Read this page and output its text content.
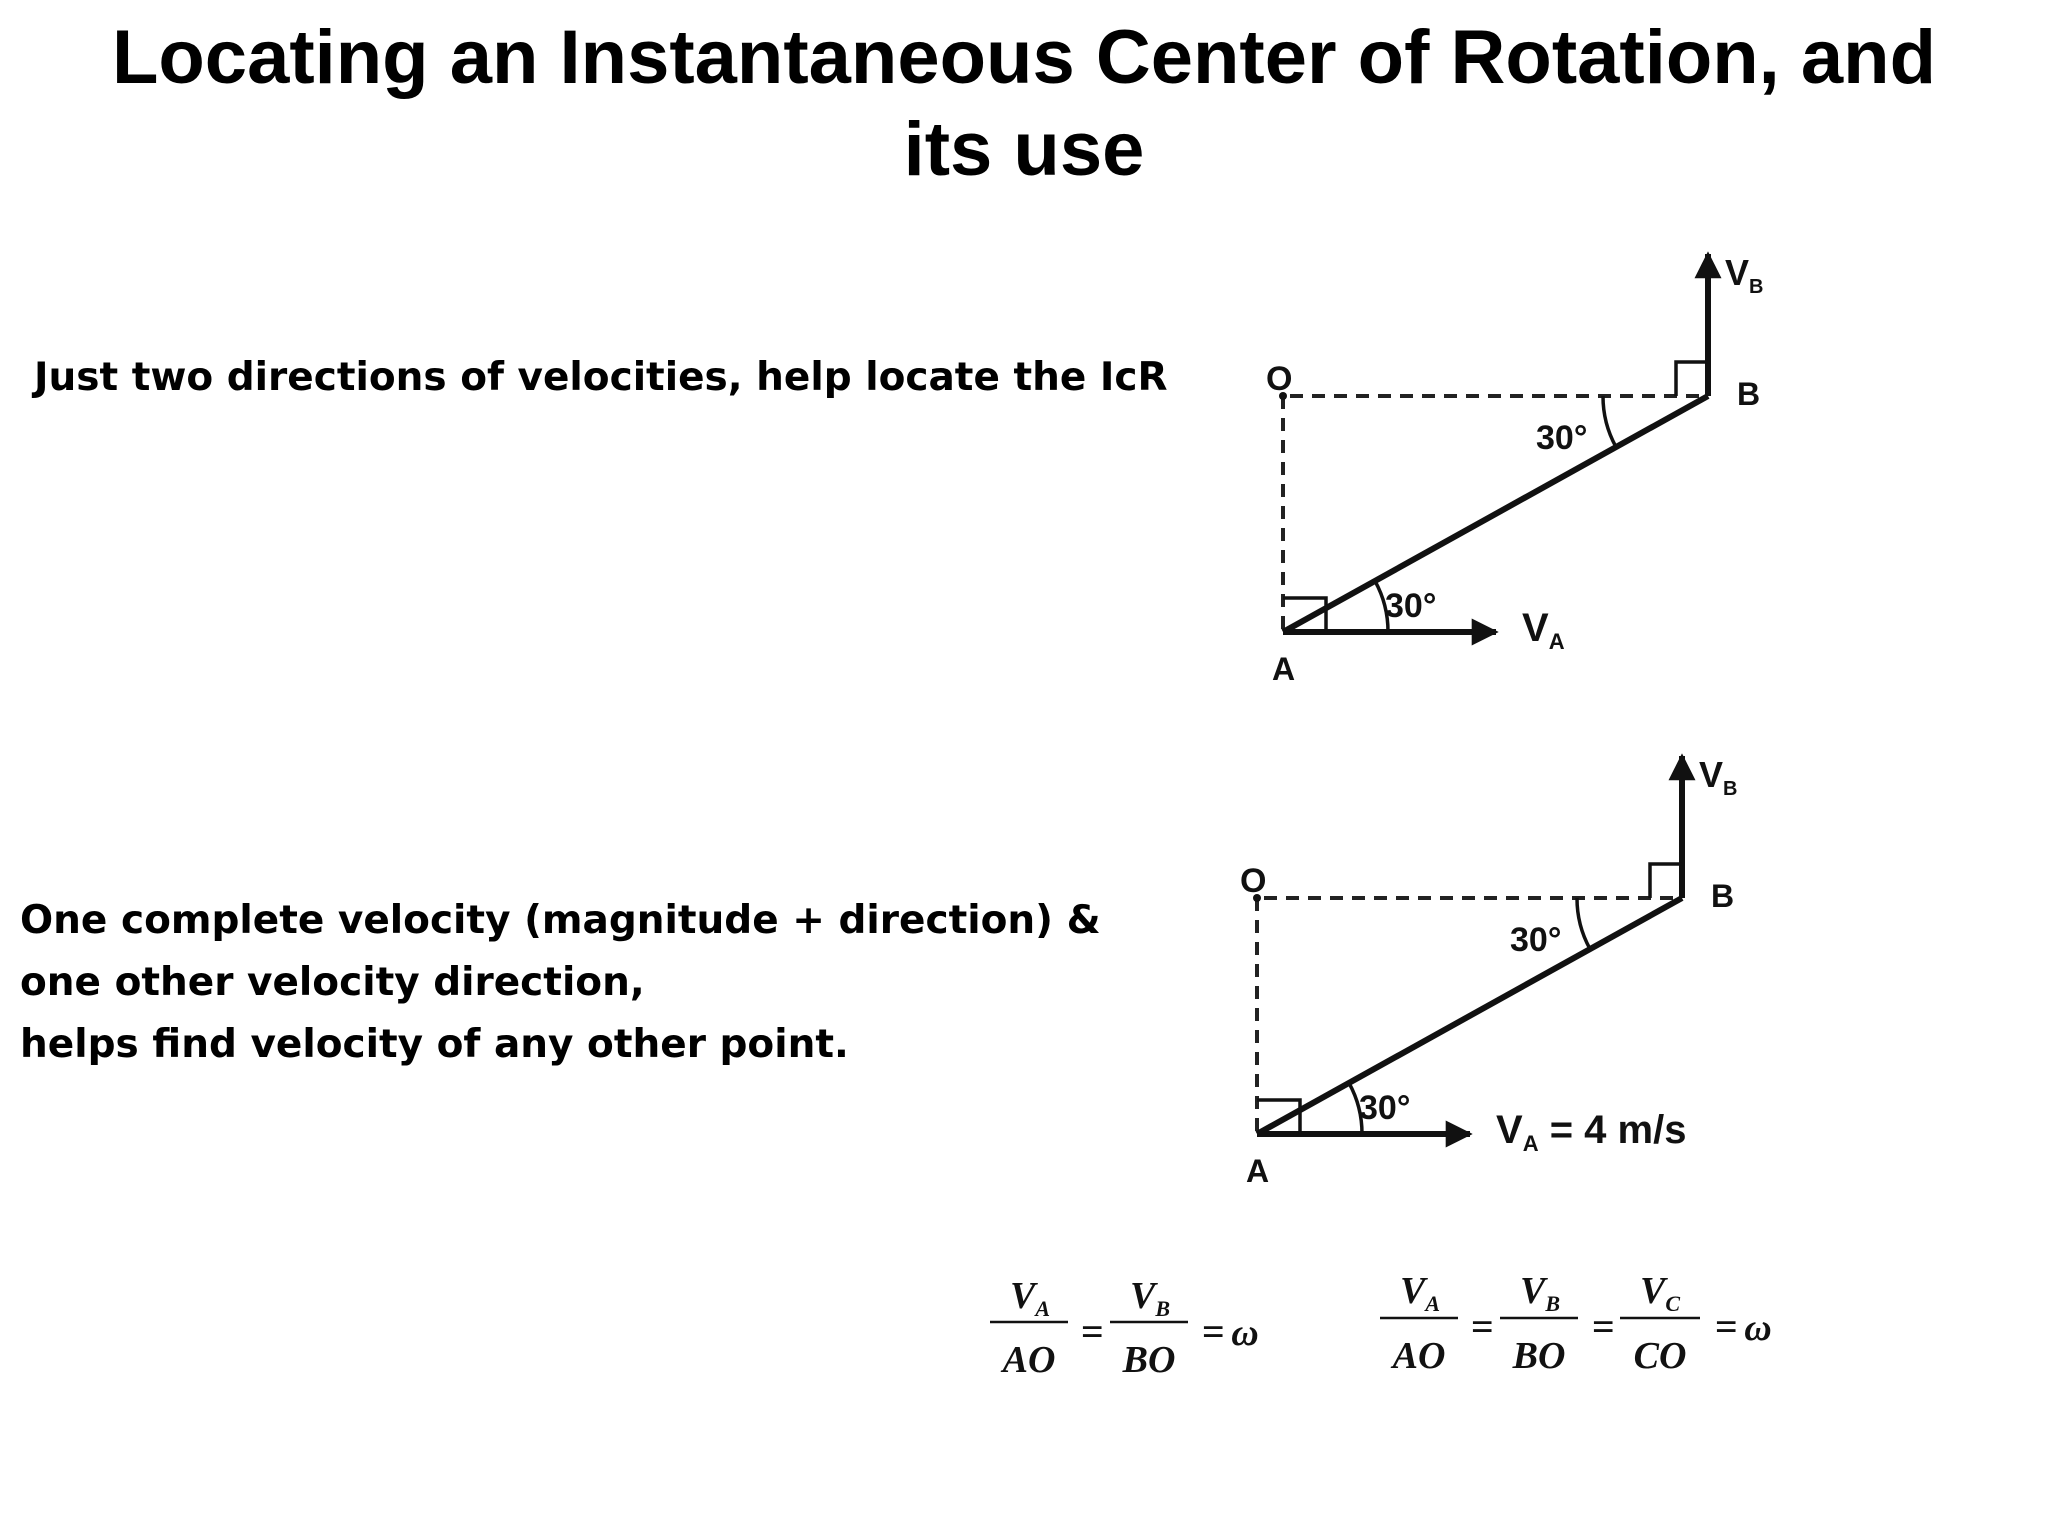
Locating an Instantaneous Center of Rotation, and
its use

Just two directions of velocities, help locate the IcR

One complete velocity (magnitude + direction) &
one other velocity direction,
helps find velocity of any other point.

O
A
B
30°
30°
$V_A$
$V_B$
O
A
B
30°
30°
$V_A = 4$ m/s
$V_B$
$V_A$
AO
=
$V_B$
BO
= ω
$V_A$
AO
=
$V_B$
BO
=
$V_C$
CO
= ω
